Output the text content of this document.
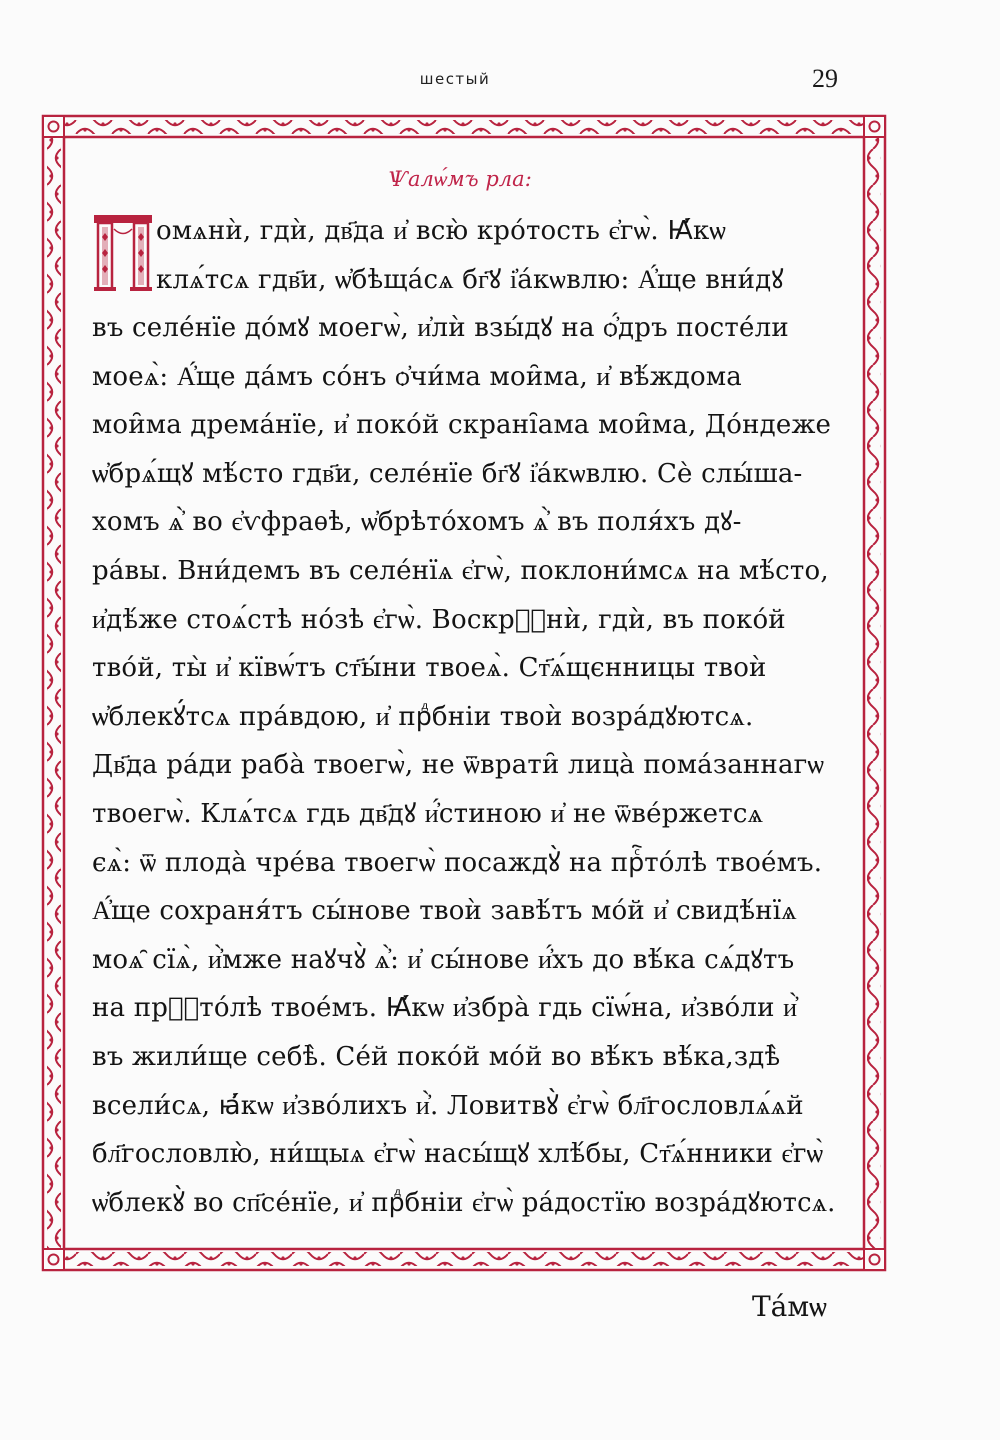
шестый	29
Ѱалѡ́мъ рла:
П
омѧнѝ, гдѝ, дв҃да и҆ всю̀ кро́тость є҆гѡ̀. Ꙗ҆́кѡ
клѧ́тсѧ гдв҃и, ѡ҆бѣща́сѧ бг҃ꙋ і҆а́кѡвлю: А҆́ще вни́дꙋ
въ селе́нїе до́мꙋ моегѡ̀, и҆лѝ взы́дꙋ на ѻ҆́дръ посте́ли
моеѧ̀: А҆́ще да́мъ со́нъ ѻ҆чи́ма мои̑ма, и҆ вѣ́ждома
мои̑ма дрема́нїе, и҆ поко́й скрані̑ама мои̑ма, До́ндеже
ѡ҆брѧ́щꙋ мѣ́сто гдв҃и, селе́нїе бг҃ꙋ і҆а́кѡвлю. Сѐ слы́ша-
хомъ ѧ҆̀ во є҆ѵфраѳѣ, ѡ҆брѣто́хомъ ѧ҆̀ въ поля́хъ дꙋ-
ра́вы. Вни́демъ въ селе́нїѧ є҆гѡ̀, поклони́мсѧ на мѣ́сто,
и҆дѣ́же стоѧ́стѣ но́зѣ є҆гѡ̀. Воскрⷭ҇нѝ, гдѝ, въ поко́й
тво́й, ты̀ и҆ кївѡ́тъ ст҃ы́ни твоеѧ̀. Ст҃ѧ́щєнницы твоѝ
ѡ҆блекꙋ́тсѧ пра́вдою, и҆ прⷣбніи твоѝ возра́дꙋютсѧ.
Дв҃да ра́ди раба̀ твоегѡ̀, не ѿврати̑ лица̀ пома́заннагѡ
твоегѡ̀. Клѧ́тсѧ гдь дв҃дꙋ и҆́стиною и҆ не ѿве́ржетсѧ
єѧ̀: ѿ плода̀ чре́ва твоегѡ̀ посаждꙋ̀ на прⷭ҇то́лѣ твое́мъ.
А҆́ще сохраня́тъ сы́нове твоѝ завѣ́тъ мо́й и҆ свидѣ́нїѧ
моѧ̑ сїѧ̀, и҆̀мже наꙋчꙋ̀ ѧ҆̀: и҆ сы́нове и҆́хъ до вѣ́ка сѧ́дꙋтъ
на прⷭ҇то́лѣ твое́мъ. Ꙗ҆́кѡ и҆збра̀ гдь сїѡ́на, и҆зво́ли и҆̀
въ жили́ще себѣ̀. Се́й поко́й мо́й во вѣ́къ вѣ́ка,здѣ̀
всели́сѧ, ꙗ҆́кѡ и҆зво́лихъ и҆̀. Ловитвꙋ̀ є҆гѡ̀ бл҃гословлѧ́ѧй
бл҃гословлю̀, ни́щыѧ є҆гѡ̀ насы́щꙋ хлѣ́бы, Ст҃ѧ́нники є҆гѡ̀
ѡ҆блекꙋ̀ во сп҃се́нїе, и҆ прⷣбніи є҆гѡ̀ ра́достїю возра́дꙋютсѧ.
Та́мѡ
